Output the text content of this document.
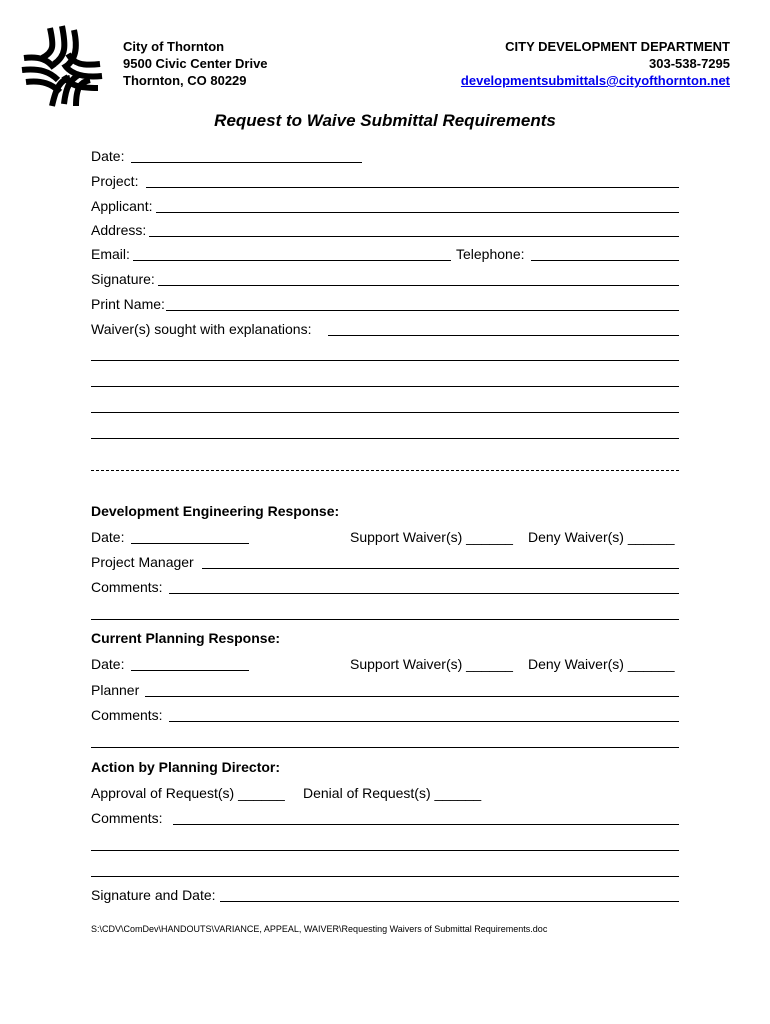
City of Thornton
9500 Civic Center Drive
Thornton, CO 80229
CITY DEVELOPMENT DEPARTMENT
303-538-7295
developmentsubmittals@cityofthornton.net
Request to Waive Submittal Requirements
Date:
Project:
Applicant:
Address:
Email:	Telephone:
Signature:
Print Name:
Waiver(s) sought with explanations:
Development Engineering Response:
Date:	Support Waiver(s) ______ Deny Waiver(s) ______
Project Manager
Comments:
Current Planning Response:
Date:	Support Waiver(s) ______ Deny Waiver(s) ______
Planner
Comments:
Action by Planning Director:
Approval of Request(s) ______ Denial of Request(s) ______
Comments:
Signature and Date:
S:\CDV\ComDev\HANDOUTS\VARIANCE, APPEAL, WAIVER\Requesting Waivers of Submittal Requirements.doc
